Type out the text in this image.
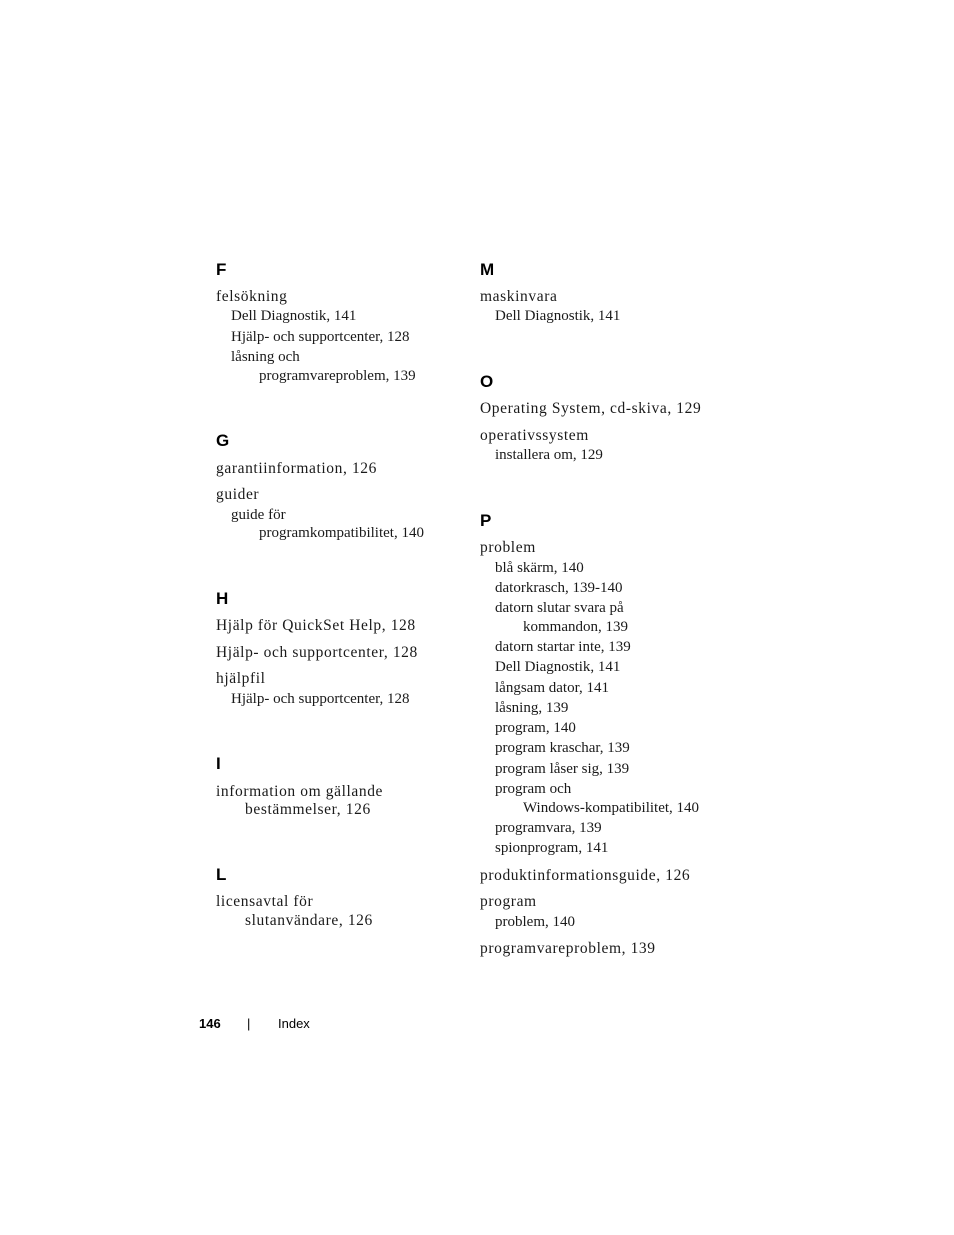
F
felsökning
Dell Diagnostik, 141
Hjälp- och supportcenter, 128
låsning och
programvareproblem, 139
G
garantiinformation, 126
guider
guide för
programkompatibilitet, 140
H
Hjälp för QuickSet Help, 128
Hjälp- och supportcenter, 128
hjälpfil
Hjälp- och supportcenter, 128
I
information om gällande
bestämmelser, 126
L
licensavtal för
slutanvändare, 126
M
maskinvara
Dell Diagnostik, 141
O
Operating System, cd-skiva, 129
operativssystem
installera om, 129
P
problem
blå skärm, 140
datorkrasch, 139-140
datorn slutar svara på
kommandon, 139
datorn startar inte, 139
Dell Diagnostik, 141
långsam dator, 141
låsning, 139
program, 140
program kraschar, 139
program låser sig, 139
program och
Windows-kompatibilitet, 140
programvara, 139
spionprogram, 141
produktinformationsguide, 126
program
problem, 140
programvareproblem, 139
146 | Index
